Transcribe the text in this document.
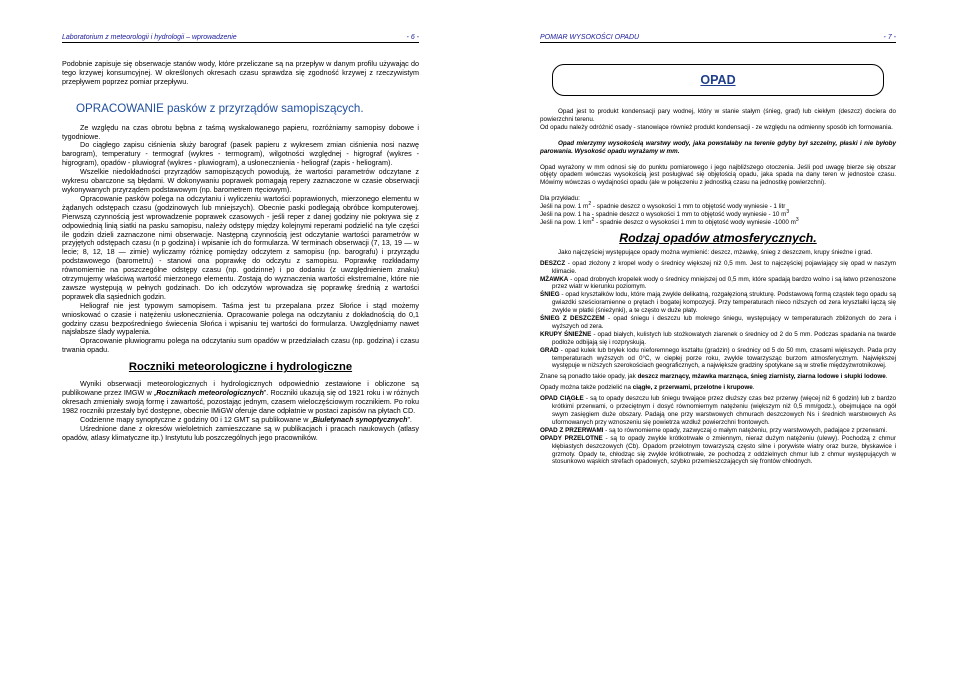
Laboratorium z meteorologii i hydrologii – wprowadzenie	- 6 -

Podobnie zapisuje się obserwacje stanów wody, które przeliczane są na przepływ w danym profilu używając do tego krzywej konsumcyjnej. W określonych okresach czasu sprawdza się zgodność krzywej z rzeczywistym przepływem poprzez pomiar przepływu.

OPRACOWANIE pasków z przyrządów samopiszących.

Ze względu na czas obrotu bębna z taśmą wyskalowanego papieru, rozróżniamy samopisy dobowe i tygodniowe.

Do ciągłego zapisu ciśnienia służy barograf (pasek papieru z wykresem zmian ciśnienia nosi nazwę barogram), temperatury - termograf (wykres - termogram), wilgotności względnej - higrograf (wykres - higrogram), opadów - pluwiograf (wykres - pluwiogram), a usłonecznienia - heliograf (zapis - heliogram).

Wszelkie niedokładności przyrządów samopiszących powodują, że wartości parametrów odczytane z wykresu obarczone są błędami. W dokonywaniu poprawek pomagają repery zaznaczone w czasie obserwacji wykonywanych przyrządem podstawowym (np. barometrem rtęciowym).

Opracowanie pasków polega na odczytaniu i wyliczeniu wartości poprawionych, mierzonego elementu w żądanych odstępach czasu (godzinowych lub mniejszych). Obecnie paski podlegają obróbce komputerowej. Pierwszą czynnością jest wprowadzenie poprawek czasowych - jeśli reper z danej godziny nie pokrywa się z odpowiednią linią siatki na pasku samopisu, należy odstępy między kolejnymi reperami podzielić na tyle części ile godzin dzieli zaznaczone nimi obserwacje. Następną czynnością jest odczytanie wartości parametrów w przyjętych odstępach czasu (n p godzina) i wpisanie ich do formularza. W terminach obserwacji (7, 13, 19 — w lecie; 8, 12, 18 — zimie) wyliczamy różnicę pomiędzy odczytem z samopisu (np. barografu) i przyrządu podstawowego (barometru) - stanowi ona poprawkę do odczytu z samopisu. Poprawkę rozkładamy równomiernie na poszczególne odstępy czasu (np. godzinne) i po dodaniu (z uwzględnieniem znaku) otrzymujemy właściwą wartość mierzonego elementu. Zostają do wyznaczenia wartości ekstremalne, które nie zawsze występują w pełnych godzinach. Do ich odczytów wprowadza się poprawkę średnią z wartości poprawek dla sąsiednich godzin.

Heliograf nie jest typowym samopisem. Taśma jest tu przepalana przez Słońce i stąd możemy wnioskować o czasie i natężeniu usłonecznienia. Opracowanie polega na odczytaniu z dokładnością do 0,1 godziny czasu bezpośredniego świecenia Słońca i wpisaniu tej wartości do formularza. Uwzględniamy nawet najsłabsze ślady wypalenia.

Opracowanie pluwiogramu polega na odczytaniu sum opadów w przedziałach czasu (np. godzina) i czasu trwania opadu.

Roczniki meteorologiczne i hydrologiczne

Wyniki obserwacji meteorologicznych i hydrologicznych odpowiednio zestawione i obliczone są publikowane przez IMGW w „Rocznikach meteorologicznych”. Roczniki ukazują się od 1921 roku i w różnych okresach zmieniały swoją formę i zawartość, pozostając jednym, czasem wieloczęściowym rocznikiem. Po roku 1982 roczniki przestały być dostępne, obecnie IMiGW oferuje dane odpłatnie w postaci zapisów na płytach CD.

Codzienne mapy synoptyczne z godziny 00 i 12 GMT są publikowane w „Biuletynach synoptycznych”.

Uśrednione dane z okresów wieloletnich zamieszczane są w publikacjach i pracach naukowych (atlasy opadów, atlasy klimatyczne itp.) Instytutu lub poszczególnych jego pracowników.

POMIAR WYSOKOŚCI OPADU	- 7 -
OPAD

Opad jest to produkt kondensacji pary wodnej, który w stanie stałym (śnieg, grad) lub ciekłym (deszcz) dociera do powierzchni terenu.

Od opadu należy odróżnić osady - stanowiące również produkt kondensacji - ze względu na odmienny sposób ich formowania.

Opad mierzymy wysokością warstwy wody, jaka powstałaby na terenie gdyby był szczelny, płaski i nie byłoby parowania. Wysokość opadu wyrażamy w mm.

Opad wyrażony w mm odnosi się do punktu pomiarowego i jego najbliższego otoczenia. Jeśli pod uwagę bierze się obszar objęty opadem wówczas wysokością jest posługiwać się objętością opadu, jaka spada na dany teren w jednostce czasu. Mówimy wówczas o wydajności opadu (ale w połączeniu z jednostką czasu na jednostkę powierzchni).

Dla przykładu:

Jeśli na pow. 1 $m^2$ - spadnie deszcz o wysokości 1 mm to objętość wody wyniesie - 1 litr

Jeśli na pow. 1 ha - spadnie deszcz o wysokości 1 mm to objętość wody wyniesie - 10 $m^3$

Jeśli na pow. 1 $km^2$ - spadnie deszcz o wysokości 1 mm to objętość wody wyniesie -1000 $m^3$

Rodzaj opadów atmosferycznych.

Jako najczęściej występujące opady można wymienić: deszcz, mżawkę, śnieg z deszczem, krupy śnieżne i grad.

DESZCZ - opad złożony z kropel wody o średnicy większej niż 0,5 mm. Jest to najczęściej pojawiający się opad w naszym klimacie.

MŻAWKA - opad drobnych kropelek wody o średnicy mniejszej od 0,5 mm, które spadają bardzo wolno i są łatwo przenoszone przez wiatr w kierunku poziomym.

ŚNIEG - opad kryształków lodu, które mają zwykle delikatną, rozgałęzioną strukturę. Podstawową formą cząstek tego opadu są gwiazdki sześcioramienne o prętach i bogatej kompozycji. Przy temperaturach nieco niższych od zera kryształki łączą się zwykle w płatki (śnieżynki), a te często w duże płaty.

ŚNIEG Z DESZCZEM - opad śniegu i deszczu lub mokrego śniegu, występujący w temperaturach zbliżonych do zera i wyższych od zera.

KRUPY ŚNIEŻNE - opad białych, kulistych lub stożkowatych ziarenek o średnicy od 2 do 5 mm. Podczas spadania na twarde podłoże odbijają się i rozpryskują.

GRAD - opad kulek lub bryłek lodu nieforemnego kształtu (gradzin) o średnicy od 5 do 50 mm, czasami większych. Pada przy temperaturach wyższych od 0°C, w ciepłej porze roku, zwykle towarzysząc burzom atmosferycznym. Największej występuje w niższych szerokościach geograficznych, a największe gradziny spotykane są w strefie międzyzwrotnikowej.

Znane są ponadto takie opady, jak deszcz marznący, mżawka marznąca, śnieg ziarnisty, ziarna lodowe i słupki lodowe.

Opady można także podzielić na ciągłe, z przerwami, przelotne i krupowe.

OPAD CIĄGŁE - są to opady deszczu lub śniegu trwające przez dłuższy czas bez przerwy (więcej niż 6 godzin) lub z bardzo krótkimi przerwami, o przeciętnym i dosyć równomiernym natężeniu (większym niż 0,5 mm/godz.), obejmujące na ogół swym zasięgiem duże obszary. Padają one przy warstwowych chmurach deszczowych Ns i średnich warstwowych As uformowanych przy wznoszeniu się powietrza wzdłuż powierzchni frontowych.

OPAD Z PRZERWAMI - są to równomierne opady, zazwyczaj o małym natężeniu, przy warstwowych, padające z przerwami.

OPADY PRZELOTNE - są to opady zwykle krótkotrwałe o zmiennym, nieraz dużym natężeniu (ulewy). Pochodzą z chmur kłębiastych deszczowych (Cb). Opadom przelotnym towarzyszą często silne i porywiste wiatry oraz burze, błyskawice i grzmoty. Opady te, chłodząc się zwykle krótkotrwałe, ze pochodzą z oddzielnych chmur lub z chmur występujących w stosunkowo wąskich strefach opadowych, szybko przemieszczających się frontów chłodnych.
